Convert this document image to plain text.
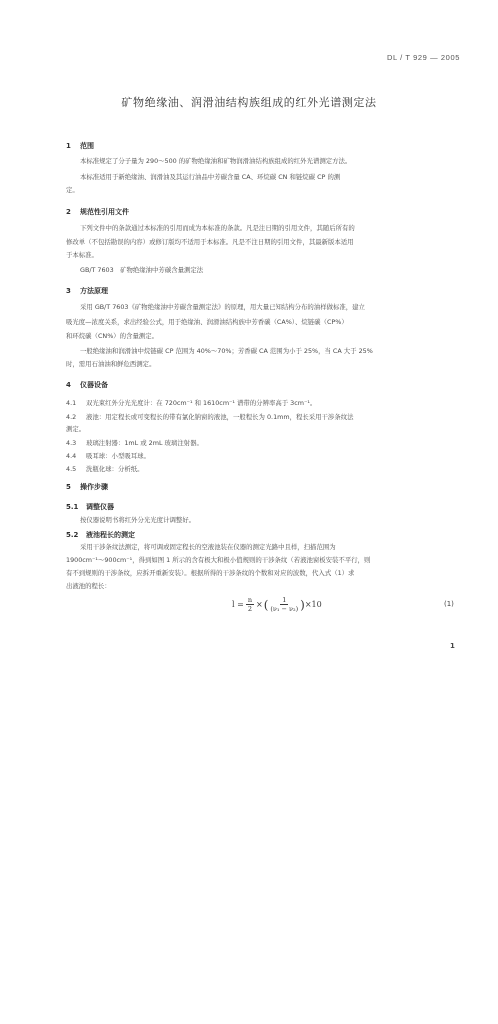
DL / T 929 — 2005
矿物绝缘油、润滑油结构族组成的红外光谱测定法
1 范围
本标准规定了分子量为 290～500 的矿物绝缘油和矿物润滑油结构族组成的红外光谱测定方法。
本标准适用于新绝缘油、润滑油及其运行油品中芳碳含量 CA、环烷碳 CN 和链烷碳 CP 的测
定。
2 规范性引用文件
下列文件中的条款通过本标准的引用而成为本标准的条款。凡是注日期的引用文件，其随后所有的
修改单（不包括勘误的内容）或修订版均不适用于本标准。凡是不注日期的引用文件，其最新版本适用
于本标准。
GB/T 7603　矿物绝缘油中芳碳含量测定法
3 方法原理
采用 GB/T 7603《矿物绝缘油中芳碳含量测定法》的原理，用大量已知结构分布的油样做标准，建立
吸光度—浓度关系，求出经验公式，用于绝缘油、润滑油结构族中芳香碳（CA%）、烷链碳（CP%）
和环烷碳（CN%）的含量测定。
一般绝缘油和润滑油中烷链碳 CP 范围为 40%～70%；芳香碳 CA 范围为小于 25%，当 CA 大于 25%
时，需用石油油和鲜危西测定。
4 仪器设备
4.1 双光束红外分光光度计：在 720cm⁻¹ 和 1610cm⁻¹ 谱带的分辨率高于 3cm⁻¹。
4.2 液池：用定程长或可变程长的带有氯化钠窗的液池，一般程长为 0.1mm，程长采用干涉条纹法
测定。
4.3 玻璃注射器：1mL 或 2mL 玻璃注射器。
4.4 吸耳球：小型吸耳球。
4.5 洗瓶化球：分析纸。
5 操作步骤
5.1 调整仪器
按仪器说明书将红外分光光度计调整好。
5.2 液池程长的测定
采用干涉条纹法测定，将可调或固定程长的空液池装在仪器的测定光路中且样，扫描范围为
1900cm⁻¹～900cm⁻¹，得到如图 1 所示的含有极大和极小值规则的干涉条纹（若液池窗板安装不平行，则
有不到规则的干涉条纹，应拆开重新安装）。根据所得的干涉条纹的个数和对应的波数，代入式（1）求
出液池的程长：
$l = \frac{n}{2}$ × ( $\frac{1}{\text{(ν₁ − ν₂)}}$ ) ×10	(1)
1
